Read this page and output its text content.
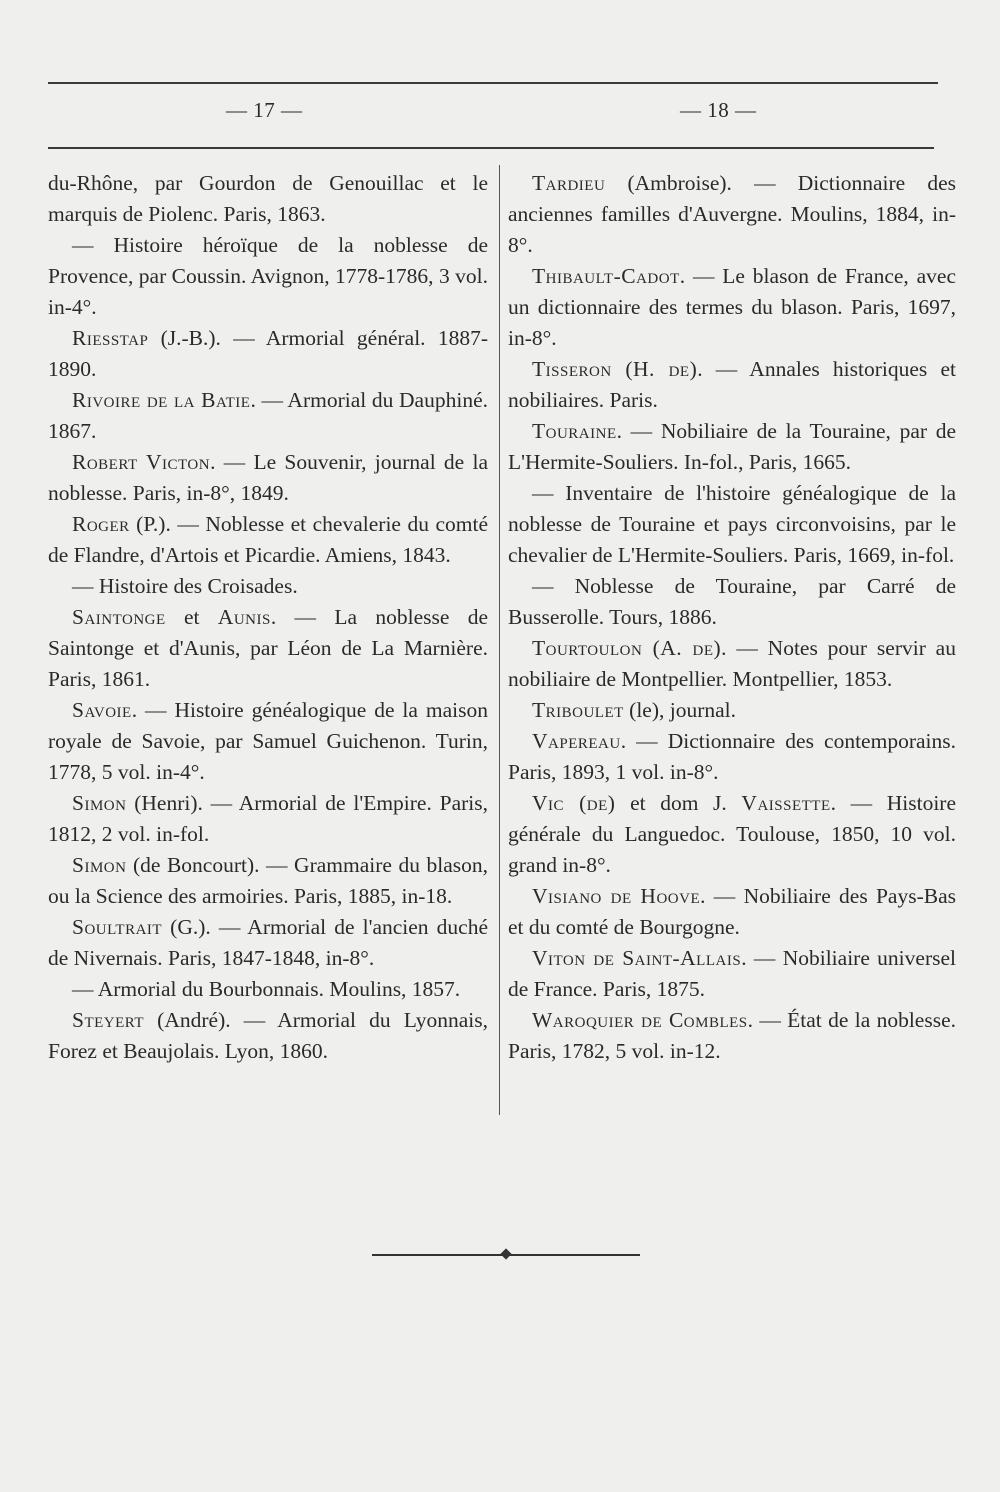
— 17 —	— 18 —

du-Rhône, par Gourdon de Genouillac et le marquis de Piolenc. Paris, 1863.

— Histoire héroïque de la noblesse de Provence, par Coussin. Avignon, 1778-1786, 3 vol. in-4°.

Riesstap (J.-B.). — Armorial général. 1887-1890.

Rivoire de la Batie. — Armorial du Dauphiné. 1867.

Robert Victon. — Le Souvenir, journal de la noblesse. Paris, in-8°, 1849.

Roger (P.). — Noblesse et chevalerie du comté de Flandre, d'Artois et Picardie. Amiens, 1843.

— Histoire des Croisades.

Saintonge et Aunis. — La noblesse de Saintonge et d'Aunis, par Léon de La Marnière. Paris, 1861.

Savoie. — Histoire généalogique de la maison royale de Savoie, par Samuel Guichenon. Turin, 1778, 5 vol. in-4°.

Simon (Henri). — Armorial de l'Empire. Paris, 1812, 2 vol. in-fol.

Simon (de Boncourt). — Grammaire du blason, ou la Science des armoiries. Paris, 1885, in-18.

Soultrait (G.). — Armorial de l'ancien duché de Nivernais. Paris, 1847-1848, in-8°.

— Armorial du Bourbonnais. Moulins, 1857.

Steyert (André). — Armorial du Lyonnais, Forez et Beaujolais. Lyon, 1860.

Tardieu (Ambroise). — Dictionnaire des anciennes familles d'Auvergne. Moulins, 1884, in-8°.

Thibault-Cadot. — Le blason de France, avec un dictionnaire des termes du blason. Paris, 1697, in-8°.

Tisseron (H. de). — Annales historiques et nobiliaires. Paris.

Touraine. — Nobiliaire de la Touraine, par de L'Hermite-Souliers. In-fol., Paris, 1665.

— Inventaire de l'histoire généalogique de la noblesse de Touraine et pays circonvoisins, par le chevalier de L'Hermite-Souliers. Paris, 1669, in-fol.

— Noblesse de Touraine, par Carré de Busserolle. Tours, 1886.

Tourtoulon (A. de). — Notes pour servir au nobiliaire de Montpellier. Montpellier, 1853.

Triboulet (le), journal.

Vapereau. — Dictionnaire des contemporains. Paris, 1893, 1 vol. in-8°.

Vic (de) et dom J. Vaissette. — Histoire générale du Languedoc. Toulouse, 1850, 10 vol. grand in-8°.

Visiano de Hoove. — Nobiliaire des Pays-Bas et du comté de Bourgogne.

Viton de Saint-Allais. — Nobiliaire universel de France. Paris, 1875.

Waroquier de Combles. — État de la noblesse. Paris, 1782, 5 vol. in-12.
